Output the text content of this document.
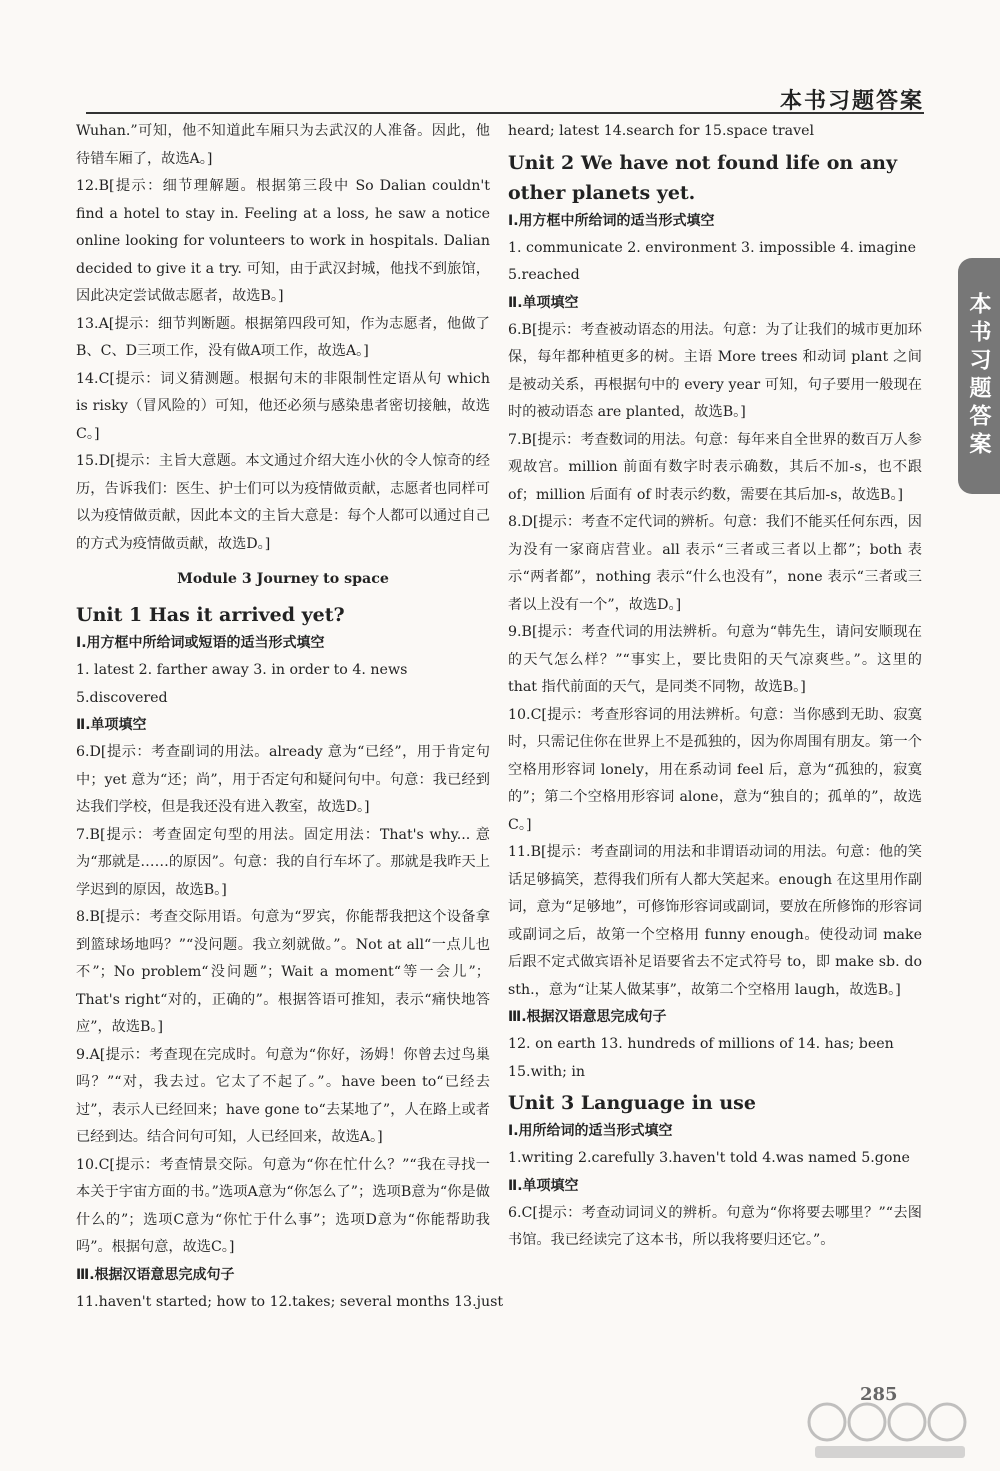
本书习题答案
本书习题答案
Wuhan.”可知，他不知道此车厢只为去武汉的人准备。因此，他待错车厢了，故选A。]
12.B[提示：细节理解题。根据第三段中 So Dalian couldn't find a hotel to stay in. Feeling at a loss, he saw a notice online looking for volunteers to work in hospitals. Dalian decided to give it a try. 可知，由于武汉封城，他找不到旅馆，因此决定尝试做志愿者，故选B。]
13.A[提示：细节判断题。根据第四段可知，作为志愿者，他做了B、C、D三项工作，没有做A项工作，故选A。]
14.C[提示：词义猜测题。根据句末的非限制性定语从句 which is risky（冒风险的）可知，他还必须与感染患者密切接触，故选C。]
15.D[提示：主旨大意题。本文通过介绍大连小伙的令人惊奇的经历，告诉我们：医生、护士们可以为疫情做贡献，志愿者也同样可以为疫情做贡献，因此本文的主旨大意是：每个人都可以通过自己的方式为疫情做贡献，故选D。]
Module 3 Journey to space
Unit 1 Has it arrived yet?
Ⅰ.用方框中所给词或短语的适当形式填空
1. latest 2. farther away 3. in order to 4. news
5.discovered
Ⅱ.单项填空
6.D[提示：考查副词的用法。already 意为“已经”，用于肯定句中；yet 意为“还；尚”，用于否定句和疑问句中。句意：我已经到达我们学校，但是我还没有进入教室，故选D。]
7.B[提示：考查固定句型的用法。固定用法：That's why... 意为“那就是……的原因”。句意：我的自行车坏了。那就是我昨天上学迟到的原因，故选B。]
8.B[提示：考查交际用语。句意为“罗宾，你能帮我把这个设备拿到篮球场地吗？”“没问题。我立刻就做。”。Not at all“一点儿也不”；No problem“没问题”；Wait a moment“等一会儿”；That's right“对的，正确的”。根据答语可推知，表示“痛快地答应”，故选B。]
9.A[提示：考查现在完成时。句意为“你好，汤姆！你曾去过鸟巢吗？”“对，我去过。它太了不起了。”。have been to“已经去过”，表示人已经回来；have gone to“去某地了”，人在路上或者已经到达。结合问句可知，人已经回来，故选A。]
10.C[提示：考查情景交际。句意为“你在忙什么？”“我在寻找一本关于宇宙方面的书。”选项A意为“你怎么了”；选项B意为“你是做什么的”；选项C意为“你忙于什么事”；选项D意为“你能帮助我吗”。根据句意，故选C。]
Ⅲ.根据汉语意思完成句子
11.haven't started; how to 12.takes; several months 13.just
heard; latest 14.search for 15.space travel
Unit 2 We have not found life on any other planets yet.
Ⅰ.用方框中所给词的适当形式填空
1. communicate 2. environment 3. impossible 4. imagine
5.reached
Ⅱ.单项填空
6.B[提示：考查被动语态的用法。句意：为了让我们的城市更加环保，每年都种植更多的树。主语 More trees 和动词 plant 之间是被动关系，再根据句中的 every year 可知，句子要用一般现在时的被动语态 are planted，故选B。]
7.B[提示：考查数词的用法。句意：每年来自全世界的数百万人参观故宫。million 前面有数字时表示确数，其后不加-s，也不跟 of；million 后面有 of 时表示约数，需要在其后加-s，故选B。]
8.D[提示：考查不定代词的辨析。句意：我们不能买任何东西，因为没有一家商店营业。all 表示“三者或三者以上都”；both 表示“两者都”，nothing 表示“什么也没有”，none 表示“三者或三者以上没有一个”，故选D。]
9.B[提示：考查代词的用法辨析。句意为“韩先生，请问安顺现在的天气怎么样？”“事实上，要比贵阳的天气凉爽些。”。这里的 that 指代前面的天气，是同类不同物，故选B。]
10.C[提示：考查形容词的用法辨析。句意：当你感到无助、寂寞时，只需记住你在世界上不是孤独的，因为你周围有朋友。第一个空格用形容词 lonely，用在系动词 feel 后，意为“孤独的，寂寞的”；第二个空格用形容词 alone，意为“独自的；孤单的”，故选C。]
11.B[提示：考查副词的用法和非谓语动词的用法。句意：他的笑话足够搞笑，惹得我们所有人都大笑起来。enough 在这里用作副词，意为“足够地”，可修饰形容词或副词，要放在所修饰的形容词或副词之后，故第一个空格用 funny enough。使役动词 make 后跟不定式做宾语补足语要省去不定式符号 to，即 make sb. do sth.，意为“让某人做某事”，故第二个空格用 laugh，故选B。]
Ⅲ.根据汉语意思完成句子
12. on earth 13. hundreds of millions of 14. has; been
15.with; in
Unit 3 Language in use
Ⅰ.用所给词的适当形式填空
1.writing 2.carefully 3.haven't told 4.was named 5.gone
Ⅱ.单项填空
6.C[提示：考查动词词义的辨析。句意为“你将要去哪里？”“去图书馆。我已经读完了这本书，所以我将要归还它。”。
285
